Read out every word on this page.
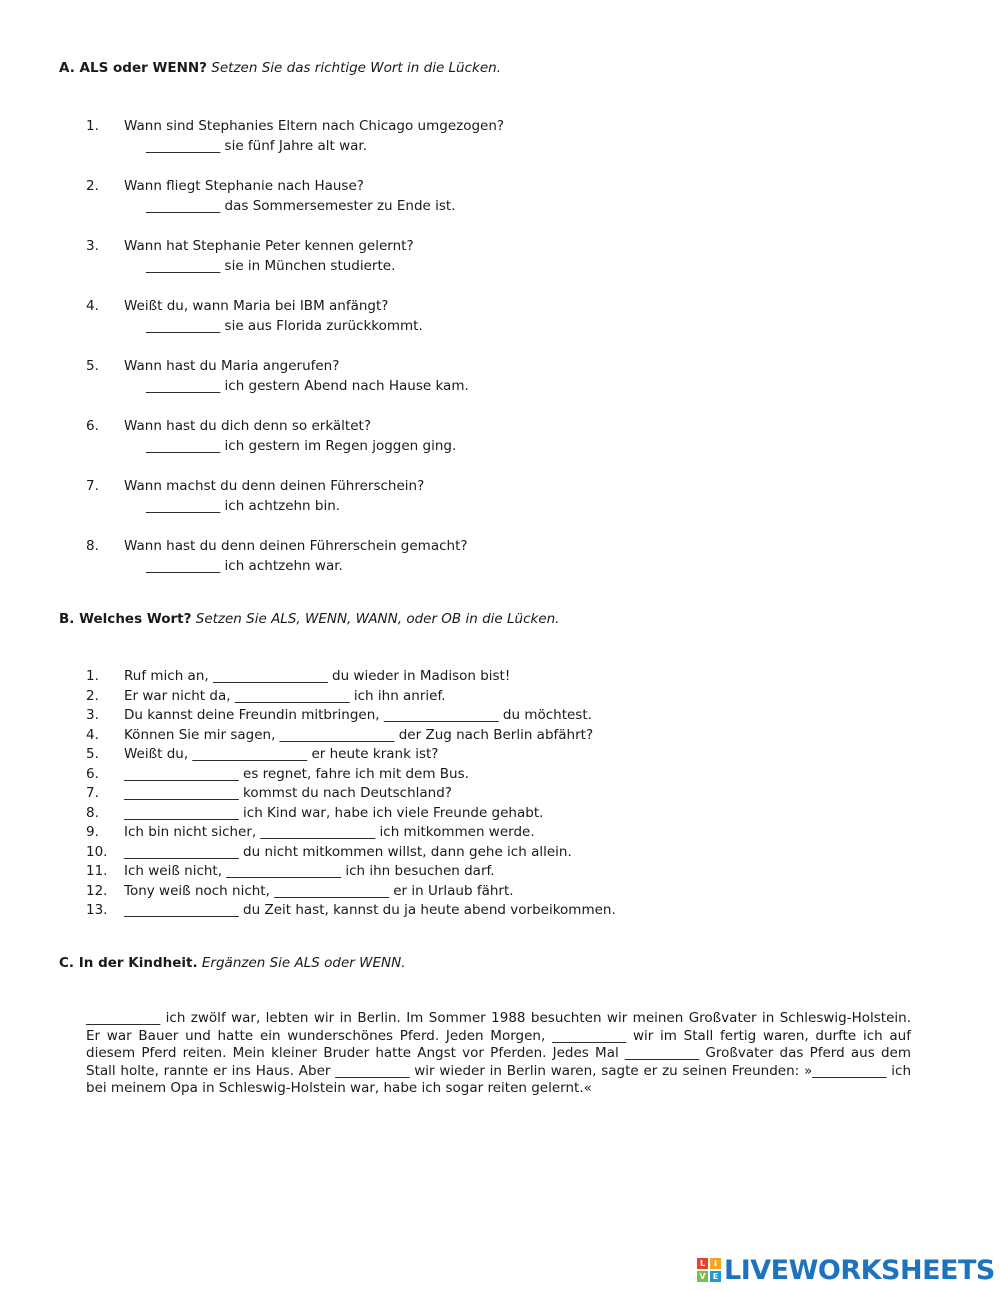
A. ALS oder WENN? Setzen Sie das richtige Wort in die Lücken.
1.	Wann sind Stephanies Eltern nach Chicago umgezogen?
___________ sie fünf Jahre alt war.
2.	Wann fliegt Stephanie nach Hause?
___________ das Sommersemester zu Ende ist.
3.	Wann hat Stephanie Peter kennen gelernt?
___________ sie in München studierte.
4.	Weißt du, wann Maria bei IBM anfängt?
___________ sie aus Florida zurückkommt.
5.	Wann hast du Maria angerufen?
___________ ich gestern Abend nach Hause kam.
6.	Wann hast du dich denn so erkältet?
___________ ich gestern im Regen joggen ging.
7.	Wann machst du denn deinen Führerschein?
___________ ich achtzehn bin.
8.	Wann hast du denn deinen Führerschein gemacht?
___________ ich achtzehn war.
B. Welches Wort? Setzen Sie ALS, WENN, WANN, oder OB in die Lücken.
1. Ruf mich an, _________________ du wieder in Madison bist!
2. Er war nicht da, _________________ ich ihn anrief.
3. Du kannst deine Freundin mitbringen, _________________ du möchtest.
4. Können Sie mir sagen, _________________ der Zug nach Berlin abfährt?
5. Weißt du, _________________ er heute krank ist?
6. _________________ es regnet, fahre ich mit dem Bus.
7. _________________ kommst du nach Deutschland?
8. _________________ ich Kind war, habe ich viele Freunde gehabt.
9. Ich bin nicht sicher, _________________ ich mitkommen werde.
10. _________________ du nicht mitkommen willst, dann gehe ich allein.
11. Ich weiß nicht, _________________ ich ihn besuchen darf.
12. Tony weiß noch nicht, _________________ er in Urlaub fährt.
13. _________________ du Zeit hast, kannst du ja heute abend vorbeikommen.
C. In der Kindheit. Ergänzen Sie ALS oder WENN.
___________ ich zwölf war, lebten wir in Berlin. Im Sommer 1988 besuchten wir meinen Großvater in Schleswig-Holstein. Er war Bauer und hatte ein wunderschönes Pferd. Jeden Morgen, ___________ wir im Stall fertig waren, durfte ich auf diesem Pferd reiten. Mein kleiner Bruder hatte Angst vor Pferden. Jedes Mal ___________ Großvater das Pferd aus dem Stall holte, rannte er ins Haus. Aber ___________ wir wieder in Berlin waren, sagte er zu seinen Freunden: »___________ ich bei meinem Opa in Schleswig-Holstein war, habe ich sogar reiten gelernt.«
L	I
V E LIVEWORKSHEETS
